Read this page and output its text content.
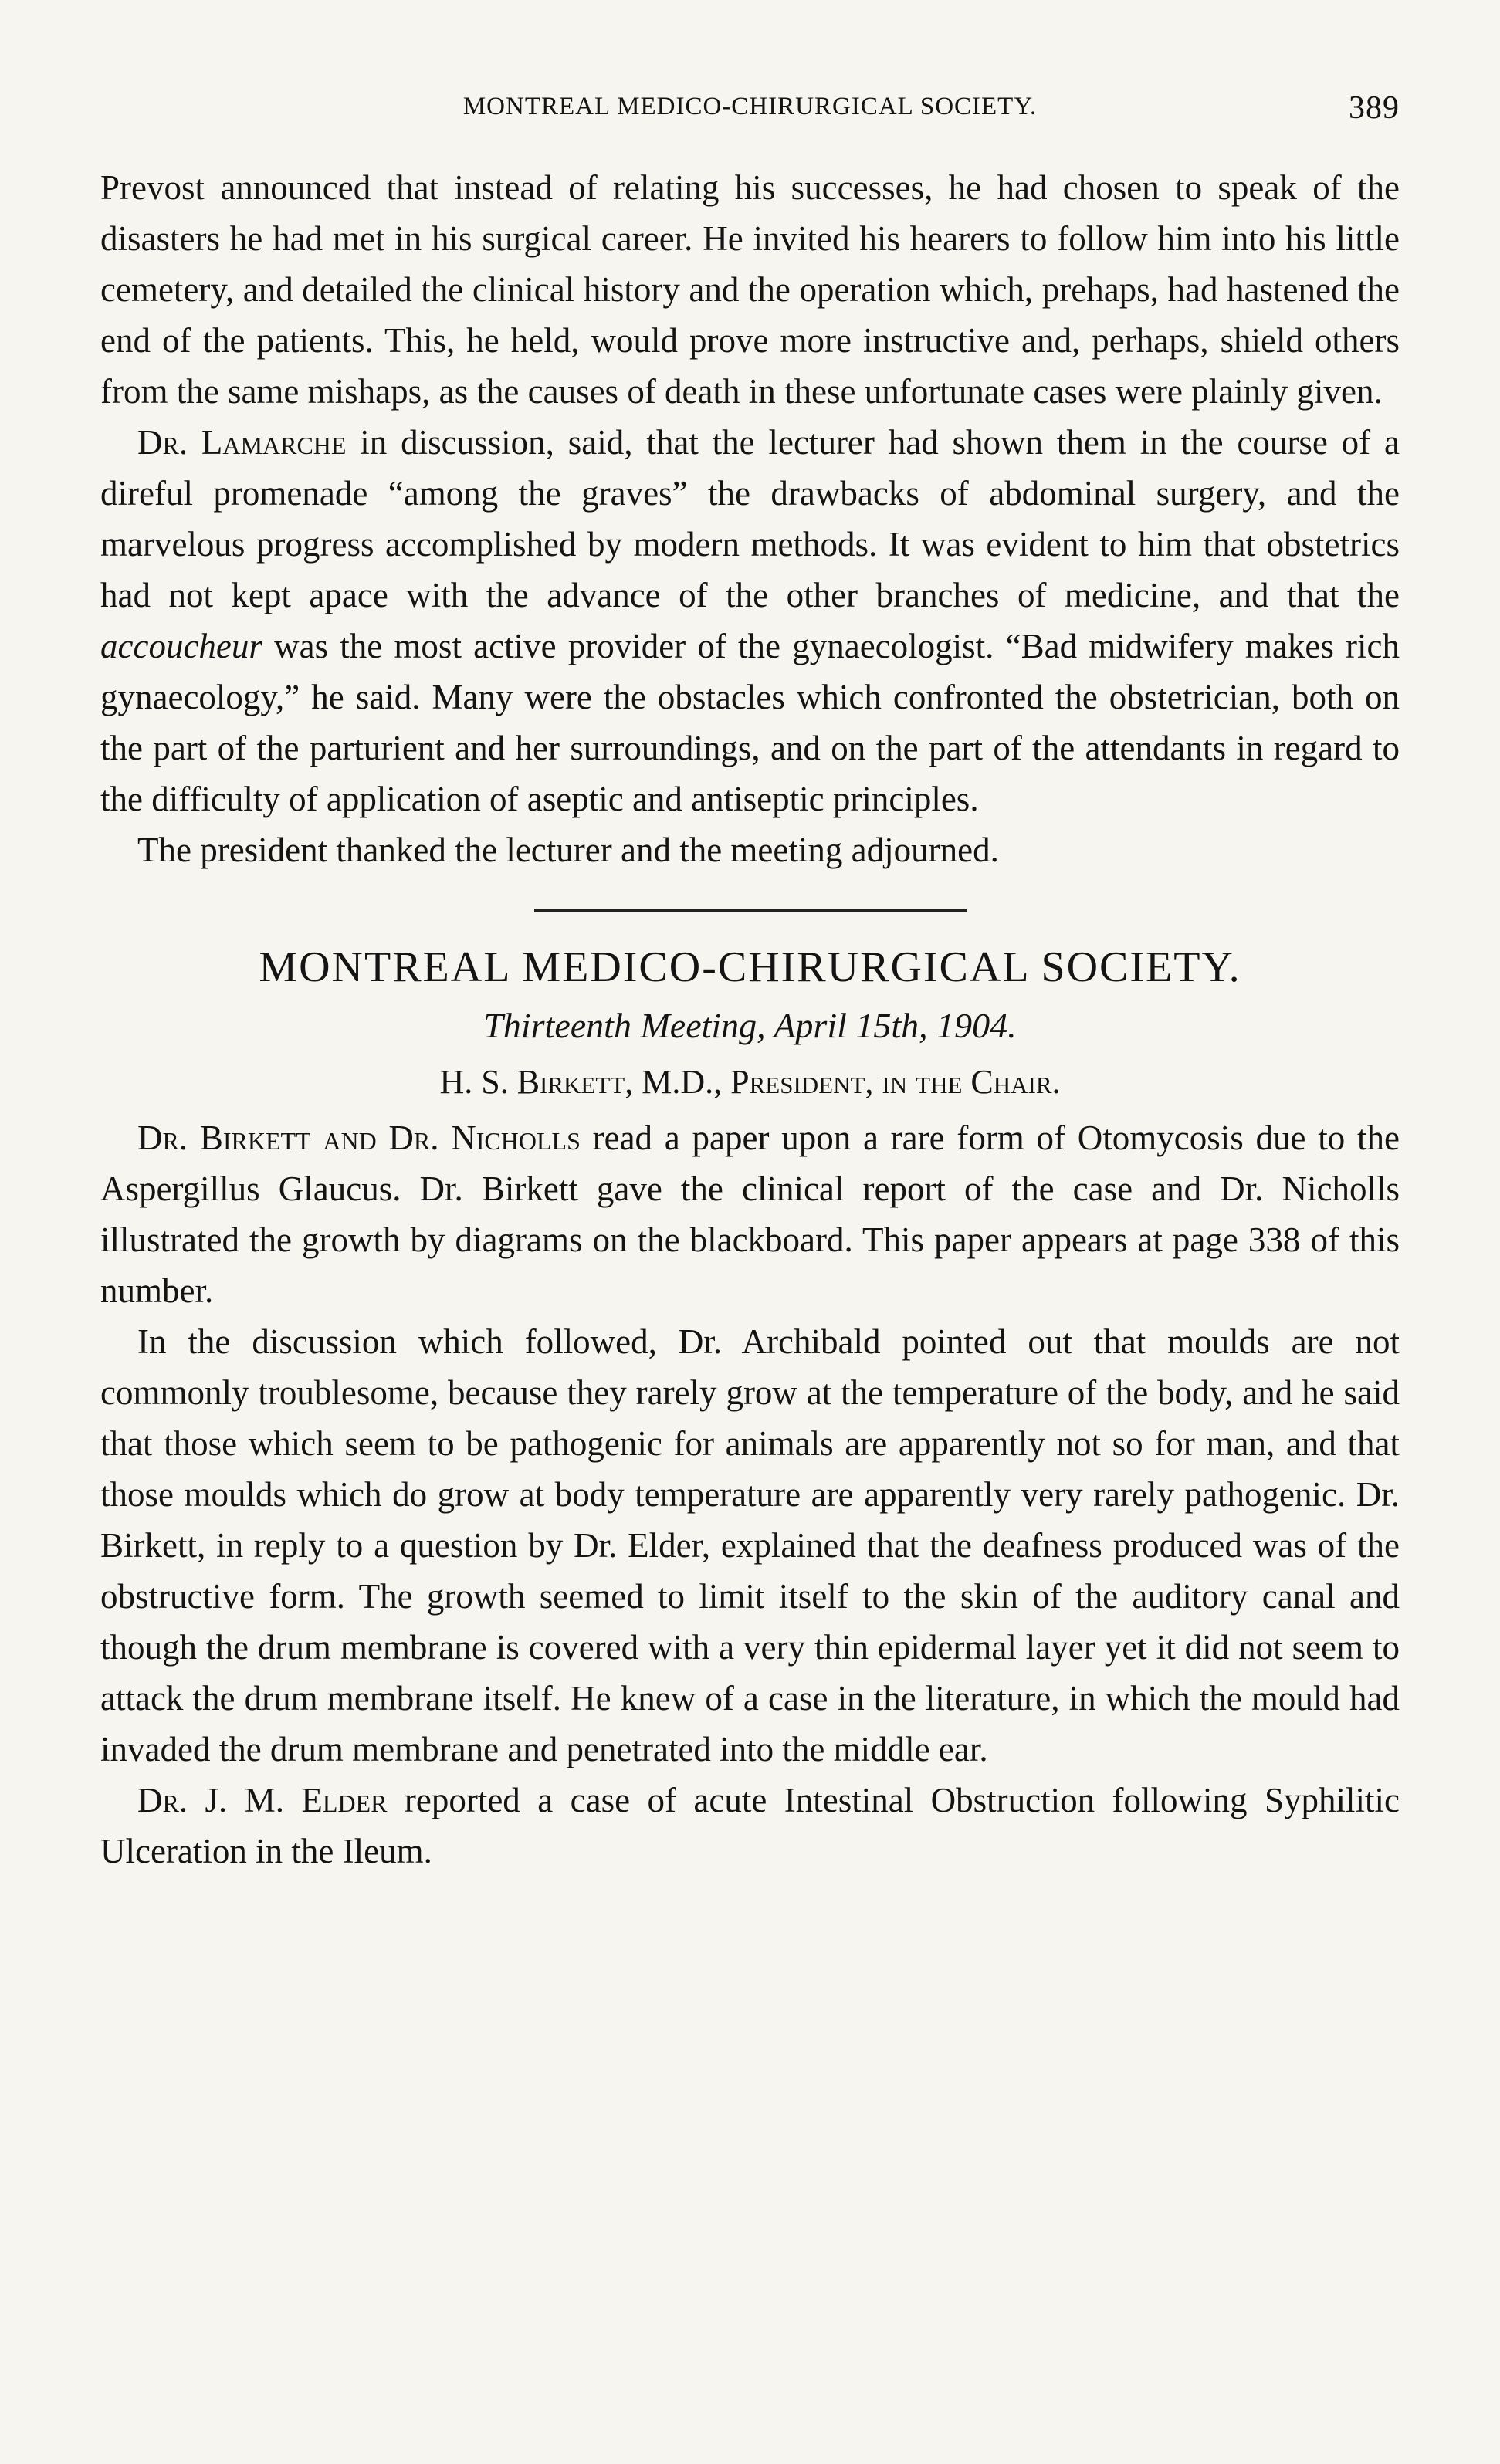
MONTREAL MEDICO-CHIRURGICAL SOCIETY.	389

Prevost announced that instead of relating his successes, he had chosen to speak of the disasters he had met in his surgical career. He invited his hearers to follow him into his little cemetery, and detailed the clinical history and the operation which, prehaps, had hastened the end of the patients. This, he held, would prove more instructive and, perhaps, shield others from the same mishaps, as the causes of death in these unfortunate cases were plainly given.

Dr. Lamarche in discussion, said, that the lecturer had shown them in the course of a direful promenade “among the graves” the drawbacks of abdominal surgery, and the marvelous progress accomplished by modern methods. It was evident to him that obstetrics had not kept apace with the advance of the other branches of medicine, and that the accoucheur was the most active provider of the gynaecologist. “Bad midwifery makes rich gynaecology,” he said. Many were the obstacles which confronted the obstetrician, both on the part of the parturient and her surroundings, and on the part of the attendants in regard to the difficulty of application of aseptic and antiseptic principles.

The president thanked the lecturer and the meeting adjourned.

MONTREAL MEDICO-CHIRURGICAL SOCIETY.

Thirteenth Meeting, April 15th, 1904.

H. S. Birkett, M.D., President, in the Chair.

Dr. Birkett and Dr. Nicholls read a paper upon a rare form of Otomycosis due to the Aspergillus Glaucus. Dr. Birkett gave the clinical report of the case and Dr. Nicholls illustrated the growth by diagrams on the blackboard. This paper appears at page 338 of this number.

In the discussion which followed, Dr. Archibald pointed out that moulds are not commonly troublesome, because they rarely grow at the temperature of the body, and he said that those which seem to be pathogenic for animals are apparently not so for man, and that those moulds which do grow at body temperature are apparently very rarely pathogenic. Dr. Birkett, in reply to a question by Dr. Elder, explained that the deafness produced was of the obstructive form. The growth seemed to limit itself to the skin of the auditory canal and though the drum membrane is covered with a very thin epidermal layer yet it did not seem to attack the drum membrane itself. He knew of a case in the literature, in which the mould had invaded the drum membrane and penetrated into the middle ear.

Dr. J. M. Elder reported a case of acute Intestinal Obstruction following Syphilitic Ulceration in the Ileum.
